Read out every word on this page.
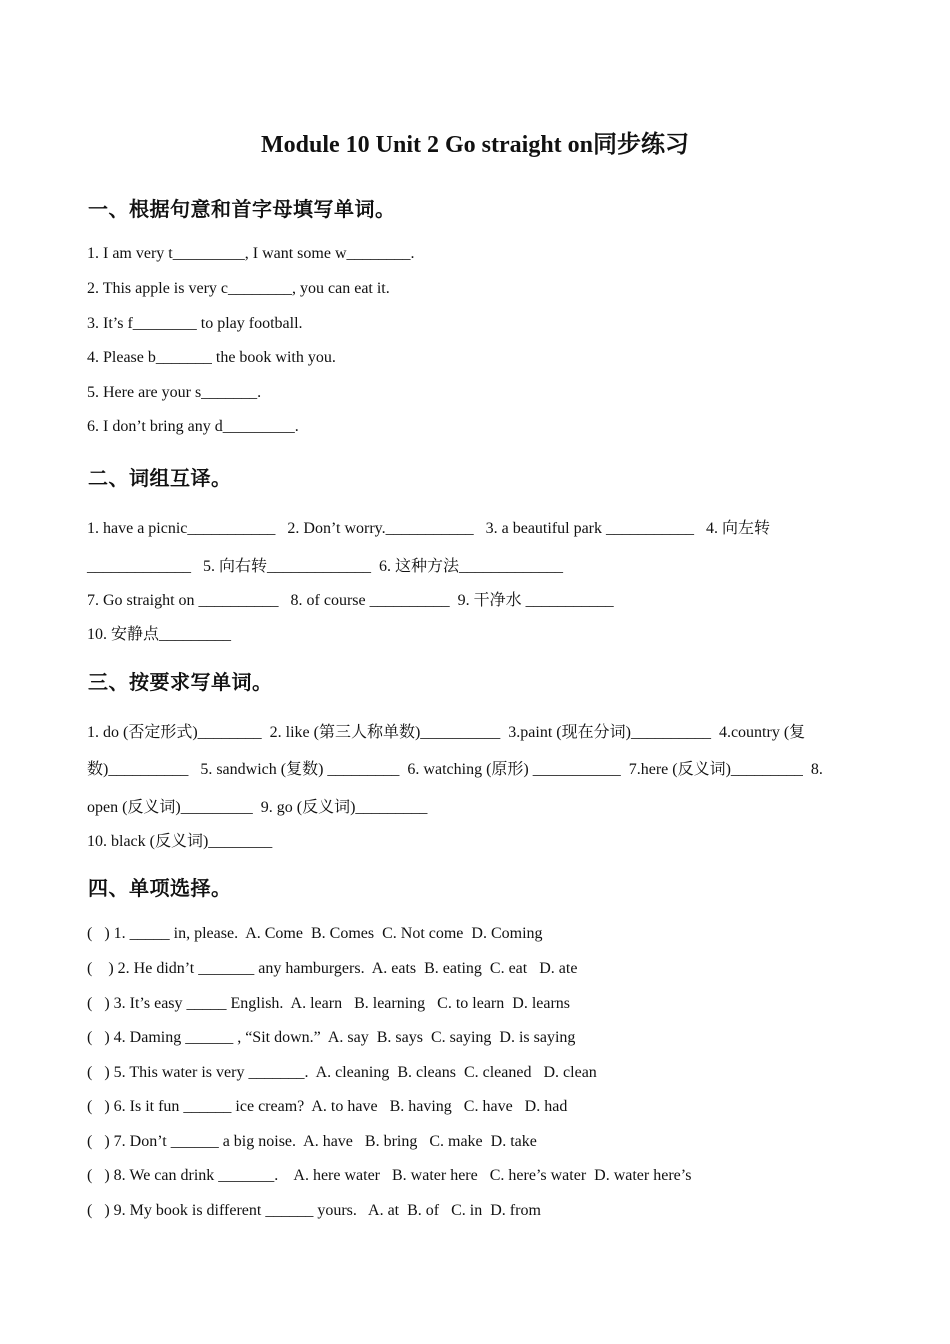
Module 10 Unit 2 Go straight on同步练习
一、根据句意和首字母填写单词。
1. I am very t_________, I want some w________.
2. This apple is very c________, you can eat it.
3. It’s f________ to play football.
4. Please b_______ the book with you.
5. Here are your s_______.
6. I don’t bring any d_________.
二、词组互译。
1. have a picnic___________   2. Don’t worry.___________   3. a beautiful park ___________   4. 向左转
_____________   5. 向右转_____________  6. 这种方法_____________
7. Go straight on __________   8. of course __________  9. 干净水 ___________
10. 安静点_________
三、按要求写单词。
1. do (否定形式)________  2. like (第三人称单数)__________  3.paint (现在分词)__________  4.country (复
数)__________   5. sandwich (复数) _________  6. watching (原形) ___________  7.here (反义词)_________  8.
open (反义词)_________  9. go (反义词)_________
10. black (反义词)________
四、单项选择。
(   ) 1. _____ in, please.  A. Come  B. Comes  C. Not come  D. Coming
(    ) 2. He didn’t _______ any hamburgers.  A. eats  B. eating  C. eat   D. ate
(   ) 3. It’s easy _____ English.  A. learn   B. learning   C. to learn  D. learns
(   ) 4. Daming ______ , “Sit down.”  A. say  B. says  C. saying  D. is saying
(   ) 5. This water is very _______.  A. cleaning  B. cleans  C. cleaned   D. clean
(   ) 6. Is it fun ______ ice cream?  A. to have   B. having   C. have   D. had
(   ) 7. Don’t ______ a big noise.  A. have   B. bring   C. make  D. take
(   ) 8. We can drink _______.    A. here water   B. water here   C. here’s water  D. water here’s
(   ) 9. My book is different ______ yours.   A. at  B. of   C. in  D. from
